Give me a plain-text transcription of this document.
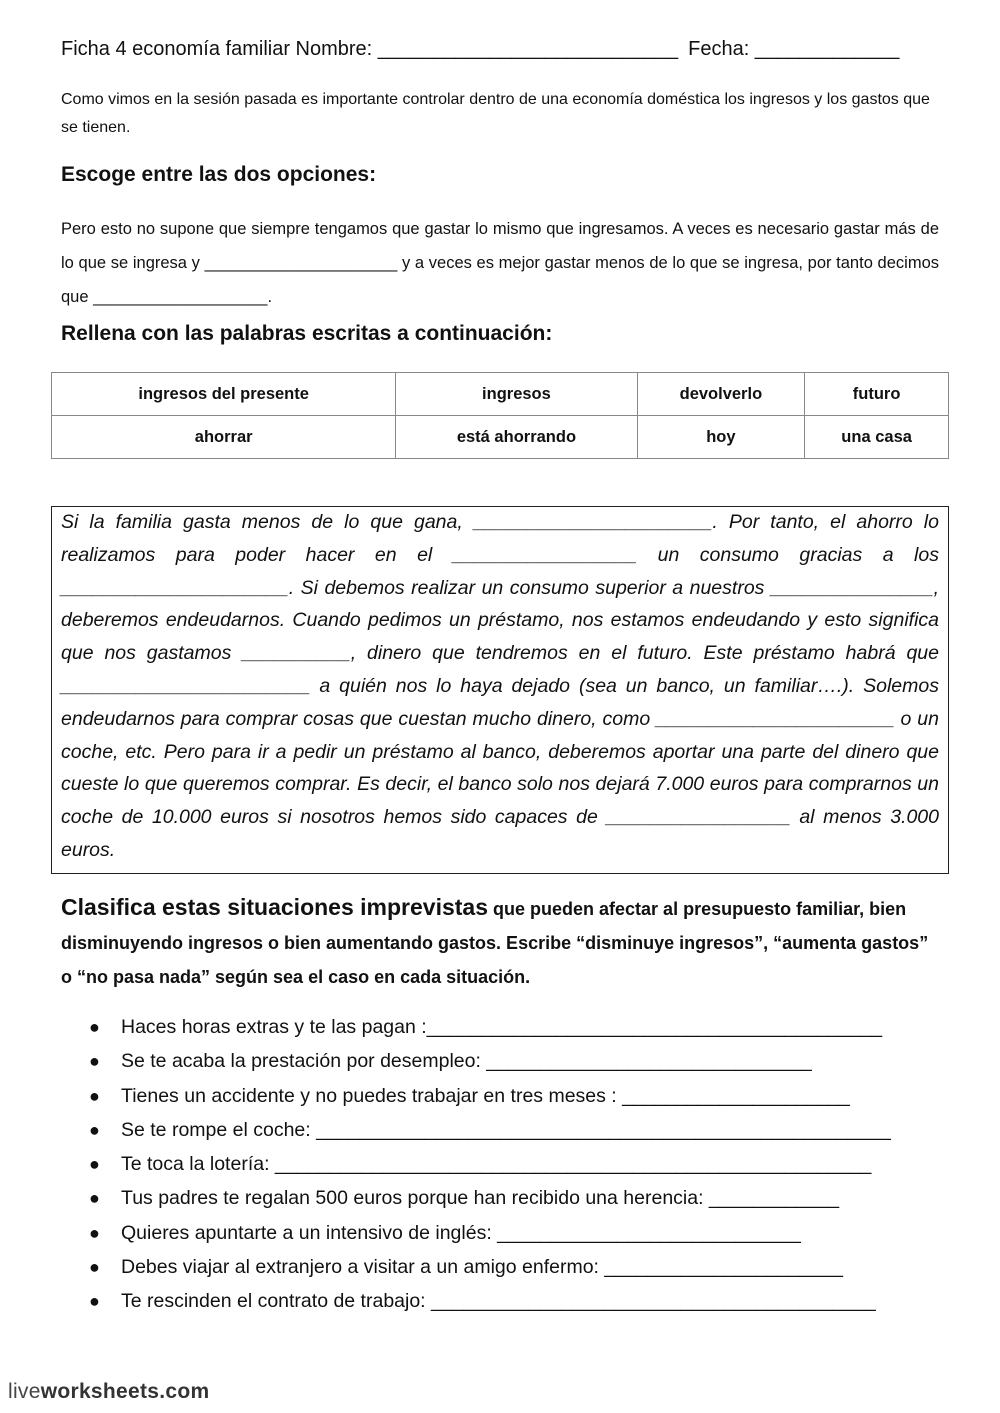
Ficha 4 economía familiar Nombre: ___________________________ Fecha: _____________
Como vimos en la sesión pasada es importante controlar dentro de una economía doméstica los ingresos y los gastos que se tienen.
Escoge entre las dos opciones:
Pero esto no supone que siempre tengamos que gastar lo mismo que ingresamos. A veces es necesario gastar más de lo que se ingresa y _____________________ y a veces es mejor gastar menos de lo que se ingresa, por tanto decimos que ___________________.
Rellena con las palabras escritas a continuación:
ingresos del presente	ingresos	devolverlo	futuro
ahorrar	está ahorrando	hoy	una casa
Si la familia gasta menos de lo que gana, ______________________. Por tanto, el ahorro lo realizamos para poder hacer en el _________________ un consumo gracias a los _____________________. Si debemos realizar un consumo superior a nuestros _______________, deberemos endeudarnos. Cuando pedimos un préstamo, nos estamos endeudando y esto significa que nos gastamos __________, dinero que tendremos en el futuro. Este préstamo habrá que _______________________ a quién nos lo haya dejado (sea un banco, un familiar….). Solemos endeudarnos para comprar cosas que cuestan mucho dinero, como ______________________ o un coche, etc. Pero para ir a pedir un préstamo al banco, deberemos aportar una parte del dinero que cueste lo que queremos comprar. Es decir, el banco solo nos dejará 7.000 euros para comprarnos un coche de 10.000 euros si nosotros hemos sido capaces de _________________ al menos 3.000 euros.
Clasifica estas situaciones imprevistas que pueden afectar al presupuesto familiar, bien disminuyendo ingresos o bien aumentando gastos. Escribe “disminuye ingresos”, “aumenta gastos” o “no pasa nada” según sea el caso en cada situación.
● Haces horas extras y te las pagan :__________________________________________
● Se te acaba la prestación por desempleo: ______________________________
● Tienes un accidente y no puedes trabajar en tres meses : _____________________
● Se te rompe el coche: _____________________________________________________
● Te toca la lotería: _______________________________________________________
● Tus padres te regalan 500 euros porque han recibido una herencia: ____________
● Quieres apuntarte a un intensivo de inglés: ____________________________
● Debes viajar al extranjero a visitar a un amigo enfermo: ______________________
● Te rescinden el contrato de trabajo: _________________________________________
liveworksheets.com
